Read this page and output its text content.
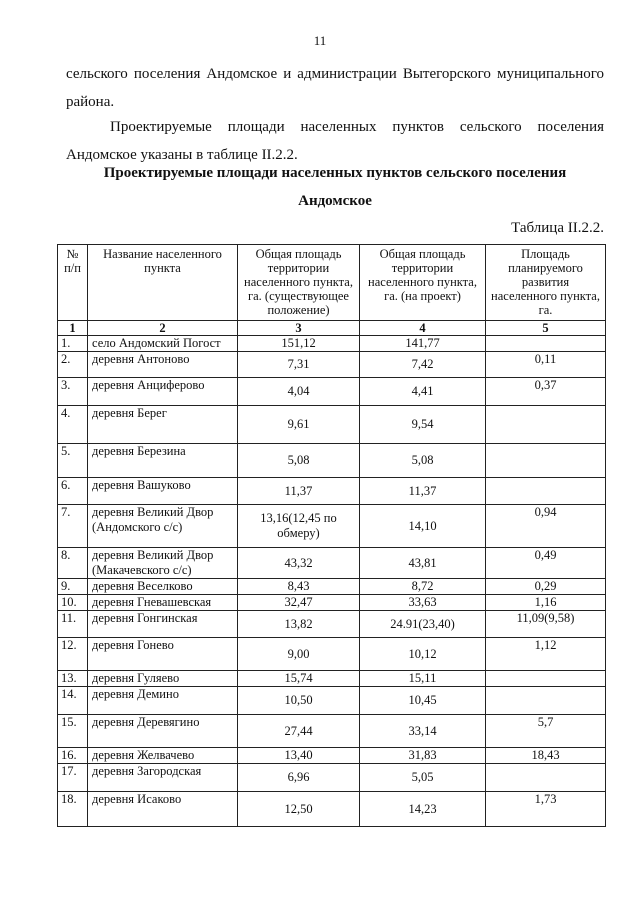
11
сельского поселения Андомское и администрации Вытегорского муниципального
района.
Проектируемые площади населенных пунктов сельского поселения
Андомское указаны в таблице II.2.2.
Проектируемые площади населенных пунктов сельского поселения
Андомское
Таблица II.2.2.
№ п/п	Название населенного пункта	Общая площадь территории населенного пункта, га. (существующее положение)	Общая площадь территории населенного пункта, га. (на проект)	Площадь планируемого развития населенного пункта, га.
1	2	3	4	5
1.	село Андомский Погост	151,12	141,77	
2.	деревня Антоново	7,31	7,42	0,11
3.	деревня Анциферово	4,04	4,41	0,37
4.	деревня Берег	9,61	9,54	
5.	деревня Березина	5,08	5,08	
6.	деревня Вашуково	11,37	11,37	
7.	деревня Великий Двор (Андомского с/с)	13,16(12,45 по обмеру)	14,10	0,94
8.	деревня Великий Двор (Макачевского с/с)	43,32	43,81	0,49
9.	деревня Веселково	8,43	8,72	0,29
10.	деревня Гневашевская	32,47	33,63	1,16
11.	деревня Гонгинская	13,82	24.91(23,40)	11,09(9,58)
12.	деревня Гонево	9,00	10,12	1,12
13.	деревня Гуляево	15,74	15,11	
14.	деревня Демино	10,50	10,45	
15.	деревня Деревягино	27,44	33,14	5,7
16.	деревня Желвачево	13,40	31,83	18,43
17.	деревня Загородская	6,96	5,05	
18.	деревня Исаково	12,50	14,23	1,73
